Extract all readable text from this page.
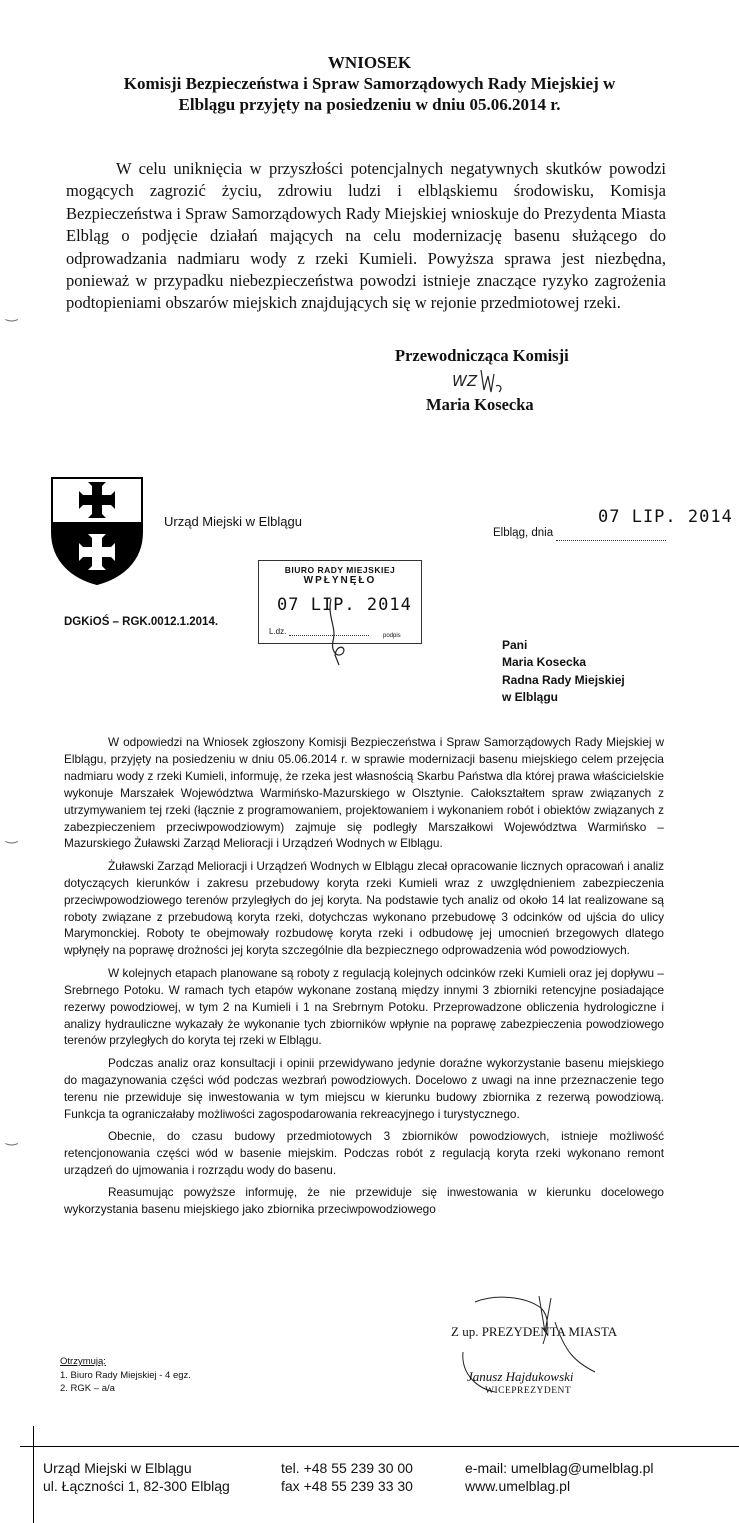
WNIOSEK
Komisji Bezpieczeństwa i Spraw Samorządowych Rady Miejskiej w
Elblągu przyjęty na posiedzeniu w dniu 05.06.2014 r.
W celu uniknięcia w przyszłości potencjalnych negatywnych skutków powodzi mogących zagrozić życiu, zdrowiu ludzi i elbląskiemu środowisku, Komisja Bezpieczeństwa i Spraw Samorządowych Rady Miejskiej wnioskuje do Prezydenta Miasta Elbląg o podjęcie działań mających na celu modernizację basenu służącego do odprowadzania nadmiaru wody z rzeki Kumieli. Powyższa sprawa jest niezbędna, ponieważ w przypadku niebezpieczeństwa powodzi istnieje znaczące ryzyko zagrożenia podtopieniami obszarów miejskich znajdujących się w rejonie przedmiotowej rzeki.
Przewodnicząca Komisji
WZ
Maria Kosecka
Urząd Miejski w Elblągu	07 LIP. 2014
Elbląg, dnia
BIURO RADY MIEJSKIEJ
WPŁYNĘŁO
07 LIP. 2014
L.dz.	podpis
DGKiOŚ – RGK.0012.1.2014.
Pani
Maria Kosecka
Radna Rady Miejskiej
w Elblągu

W odpowiedzi na Wniosek zgłoszony Komisji Bezpieczeństwa i Spraw Samorządowych Rady Miejskiej w Elblągu, przyjęty na posiedzeniu w dniu 05.06.2014 r. w sprawie modernizacji basenu miejskiego celem przejęcia nadmiaru wody z rzeki Kumieli, informuję, że rzeka jest własnością Skarbu Państwa dla której prawa właścicielskie wykonuje Marszałek Województwa Warmińsko-Mazurskiego w Olsztynie. Całokształtem spraw związanych z utrzymywaniem tej rzeki (łącznie z programowaniem, projektowaniem i wykonaniem robót i obiektów związanych z zabezpieczeniem przeciwpowodziowym) zajmuje się podległy Marszałkowi Województwa Warmińsko – Mazurskiego Żuławski Zarząd Melioracji i Urządzeń Wodnych w Elblągu.

Żuławski Zarząd Melioracji i Urządzeń Wodnych w Elblągu zlecał opracowanie licznych opracowań i analiz dotyczących kierunków i zakresu przebudowy koryta rzeki Kumieli wraz z uwzględnieniem zabezpieczenia przeciwpowodziowego terenów przyległych do jej koryta. Na podstawie tych analiz od około 14 lat realizowane są roboty związane z przebudową koryta rzeki, dotychczas wykonano przebudowę 3 odcinków od ujścia do ulicy Marymonckiej. Roboty te obejmowały rozbudowę koryta rzeki i odbudowę jej umocnień brzegowych dlatego wpłynęły na poprawę drożności jej koryta szczególnie dla bezpiecznego odprowadzenia wód powodziowych.

W kolejnych etapach planowane są roboty z regulacją kolejnych odcinków rzeki Kumieli oraz jej dopływu – Srebrnego Potoku. W ramach tych etapów wykonane zostaną między innymi 3 zbiorniki retencyjne posiadające rezerwy powodziowej, w tym 2 na Kumieli i 1 na Srebrnym Potoku. Przeprowadzone obliczenia hydrologiczne i analizy hydrauliczne wykazały że wykonanie tych zbiorników wpłynie na poprawę zabezpieczenia powodziowego terenów przyległych do koryta tej rzeki w Elblągu.

Podczas analiz oraz konsultacji i opinii przewidywano jedynie doraźne wykorzystanie basenu miejskiego do magazynowania części wód podczas wezbrań powodziowych. Docelowo z uwagi na inne przeznaczenie tego terenu nie przewiduje się inwestowania w tym miejscu w kierunku budowy zbiornika z rezerwą powodziową. Funkcja ta ograniczałaby możliwości zagospodarowania rekreacyjnego i turystycznego.

Obecnie, do czasu budowy przedmiotowych 3 zbiorników powodziowych, istnieje możliwość retencjonowania części wód w basenie miejskim. Podczas robót z regulacją koryta rzeki wykonano remont urządzeń do ujmowania i rozrządu wody do basenu.

Reasumując powyższe informuję, że nie przewiduje się inwestowania w kierunku docelowego wykorzystania basenu miejskiego jako zbiornika przeciwpowodziowego

Z up. PREZYDENTA MIASTA
Janusz Hajdukowski
WICEPREZYDENT
Otrzymują:
1. Biuro Rady Miejskiej - 4 egz.
2. RGK – a/a
Urząd Miejski w Elblągu
ul. Łączności 1, 82-300 Elbląg
tel. +48 55 239 30 00
fax +48 55 239 33 30
e-mail: umelblag@umelblag.pl
www.umelblag.pl
‿
‿
‿
